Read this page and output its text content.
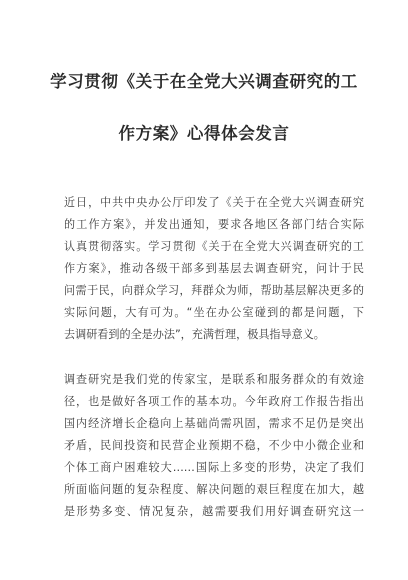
学习贯彻《关于在全党大兴调查研究的工
作方案》心得体会发言
近日，中共中央办公厅印发了《关于在全党大兴调查研究
的工作方案》，并发出通知，要求各地区各部门结合实际
认真贯彻落实。学习贯彻《关于在全党大兴调查研究的工
作方案》，推动各级干部多到基层去调查研究，问计于民
问需于民，向群众学习，拜群众为师，帮助基层解决更多的
实际问题，大有可为。“坐在办公室碰到的都是问题，下
去调研看到的全是办法”，充满哲理，极具指导意义。
调查研究是我们党的传家宝，是联系和服务群众的有效途
径，也是做好各项工作的基本功。今年政府工作报告指出
国内经济增长企稳向上基础尚需巩固，需求不足仍是突出
矛盾，民间投资和民营企业预期不稳，不少中小微企业和
个体工商户困难较大……国际上多变的形势，决定了我们
所面临问题的复杂程度、解决问题的艰巨程度在加大，越
是形势多变、情况复杂，越需要我们用好调查研究这一
